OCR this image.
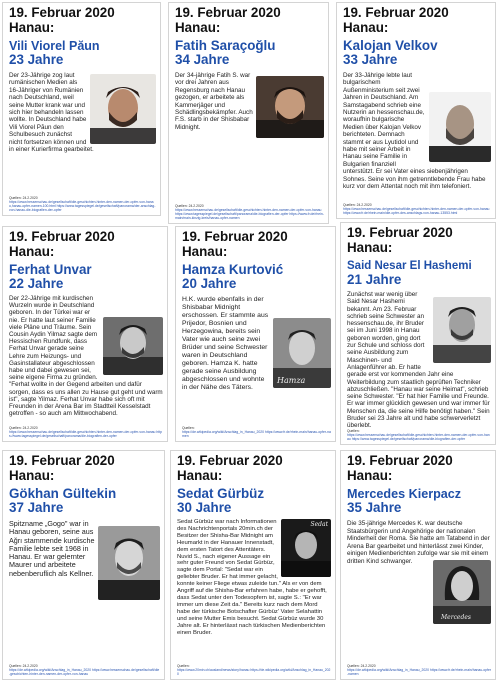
19. Februar 2020
Hanau:
Vili Viorel Păun
23 Jahre
Der 23-Jährige zog laut rumänischen Medien als 16-Jähriger von Rumänien nach Deutschland, weil seine Mutter krank war und sich hier behandeln lassen wollte. In Deutschland habe Vili Viorel Păun den Schulbesuch zunächst nicht fortsetzen können und in einer Kurierfirma gearbeitet.
Quellen: 24.2.2020
https://www.hessenschau.de/gesellschaft/die-geschichten-hinter-den-namen-der-opfer-von-hanau,hanau-opfer-namen-100.html https://www.tagesspiegel.de/gesellschaft/panorama/der-anschlag-von-hanau-die-biografien-der-opfer
19. Februar 2020
Hanau:
Fatih Saraçoğlu
34 Jahre
Der 34-jährige Fatih S. war vor drei Jahren aus Regensburg nach Hanau gezogen, er arbeitete als Kammerjäger und Schädlingsbekämpfer. Auch F.S. starb in der Shisbabar Midnight.
Quellen: 24.2.2020
https://www.hessenschau.de/gesellschaft/die-geschichten-hinter-den-namen-der-opfer-von-hanau https://www.tagesspiegel.de/gesellschaft/panorama/die-biografien-der-opfer https://www.fr.de/rhein-main/main-kinzig-kreis/hanau-opfer-namen
19. Februar 2020
Hanau:
Kalojan Velkov
33 Jahre
Der 33-Jährige lebte laut bulgarischem Außenministerium seit zwei Jahren in Deutschland. Am Samstagabend schrieb eine Nutzerin an hessenschau.de, woraufhin bulgarische Medien über Kalojan Velkov berichteten. Demnach stammt er aus Lyutidol und habe mit seiner Arbeit in Hanau seine Familie in Bulgarien finanziell unterstützt. Er sei Vater eines siebenjährigen Sohnes. Seine von ihm getrenntlebende Frau habe kurz vor dem Attentat noch mit ihm telefoniert.
Quellen: 24.2.2020
https://www.hessenschau.de/gesellschaft/die-geschichten-hinter-den-namen-der-opfer-von-hanau https://www.fr.de/rhein-main/die-opfer-des-anschlags-von-hanau-13553.html
19. Februar 2020
Hanau:
Ferhat Unvar
22 Jahre
Der 22-Jährige mit kurdischen Wurzeln wurde in Deutschland geboren. In der Türkei war er nie. Er hatte laut seiner Familie viele Pläne und Träume. Sein Cousin Aydin Yilmaz sagte dem Hessischen Rundfunk, dass Ferhat Unvar gerade seine Lehre zum Heizungs- und Gasinstallateur abgeschlossen habe und dabei gewesen sei, seine eigene Firma zu gründen. "Ferhat wollte in der Gegend arbeiten und dafür sorgen, dass es uns allen zu Hause gut geht und warm ist", sagte Yilmaz. Ferhat Unvar habe sich oft mit Freunden in der Arena Bar im Stadtteil Kesselstadt getroffen - so auch am Mittwochabend.
Quellen: 24.2.2020
https://www.hessenschau.de/gesellschaft/die-geschichten-hinter-den-namen-der-opfer-von-hanau https://www.tagesspiegel.de/gesellschaft/panorama/die-biografien-der-opfer
19. Februar 2020
Hanau:
Hamza Kurtović
20 Jahre
Hamza
H.K. wurde ebenfalls in der Shisbabar Midnight erschossen. Er stammte aus Prijedor, Bosnien und Herzegowina, bereits sein Vater wie auch seine zwei Brüder und seine Schwester waren in Deutschland geboren. Hamza K. hatte gerade seine Ausbildung abgeschlossen und wohnte in der Nähe des Täters.
Quellen:
https://de.wikipedia.org/wiki/Anschlag_in_Hanau_2020 https://www.fr.de/rhein-main/hanau-opfer-namen
19. Februar 2020
Hanau:
Said Nesar El Hashemi
21 Jahre
Zunächst war wenig über Said Nesar Hashemi bekannt. Am 23. Februar schrieb seine Schwester an hessenschau.de, ihr Bruder sei im Juni 1998 in Hanau geboren worden, ging dort zur Schule und schloss dort seine Ausbildung zum Maschinen- und Anlagenführer ab. Er hatte gerade erst vor kommenden Jahr eine Weiterbildung zum staatlich geprüften Techniker abzuschließen. "Hanau war seine Heimat", schrieb seine Schwester. "Er hat hier Familie und Freunde. Er war immer glücklich gewesen und war immer für Menschen da, die seine Hilfe benötigt haben." Sein Bruder sei 23 Jahre alt und habe schwerverletzt überlebt.
Quellen:
https://www.hessenschau.de/gesellschaft/die-geschichten-hinter-den-namen-der-opfer-von-hanau https://www.tagesspiegel.de/gesellschaft/panorama/die-biografien-der-opfer
19. Februar 2020
Hanau:
Gökhan Gültekin
37 Jahre
Spitzname „Gogo" war in Hanau geboren, seine aus Ağrı stammende kurdische Familie lebte seit 1968 in Hanau. Er war gelernter Maurer und arbeitete nebenberuflich als Kellner.
Quellen: 24.2.2020
https://de.wikipedia.org/wiki/Anschlag_in_Hanau_2020 https://www.hessenschau.de/gesellschaft/die-geschichten-hinter-den-namen-der-opfer-von-hanau
19. Februar 2020
Hanau:
Sedat Gürbüz
30 Jahre
Sedat
Sedat Gürbüz war nach Informationen des Nachrichtenportals 20min.ch der Besitzer der Shisha-Bar Midnight am Heumarkt in der Hanauer Innenstadt, dem ersten Tatort des Attentäters. Nuvid S., nach eigener Aussage ein sehr guter Freund von Sedat Gürbüz, sagte dem Portal: "Sedat war ein geliebter Bruder. Er hat immer gelacht, konnte keiner Fliege etwas zuleide tun." Als er von dem Angriff auf die Shisha-Bar erfahren habe, habe er gehofft, dass Sedat unter den Todesopfern ist, sagte S.: "Er war immer um diese Zeit da." Bereits kurz nach dem Mord habe der türkische Botschafter Gürbüz' Vater Selahattin und seine Mutter Emis besucht. Sedat Gürbüz wurde 30 Jahre alt. Er hinterlässt nach türkischen Medienberichten einen Bruder.
Quellen:
https://www.20min.ch/ausland/news/story/hanau https://de.wikipedia.org/wiki/Anschlag_in_Hanau_2020
19. Februar 2020
Hanau:
Mercedes Kierpacz
35 Jahre
Die 35-jährige Mercedes K. war deutsche Staatsbürgerin und Angehörige der nationalen Minderheit der Roma. Sie hatte am Tatabend in der Arena Bar gearbeitet und hinterlässt zwei Kinder, einigen Medienberichten zufolge war sie mit einem dritten Kind schwanger.
Mercedes
Quellen: 24.2.2020
https://de.wikipedia.org/wiki/Anschlag_in_Hanau_2020 https://www.fr.de/rhein-main/hanau-opfer-namen
